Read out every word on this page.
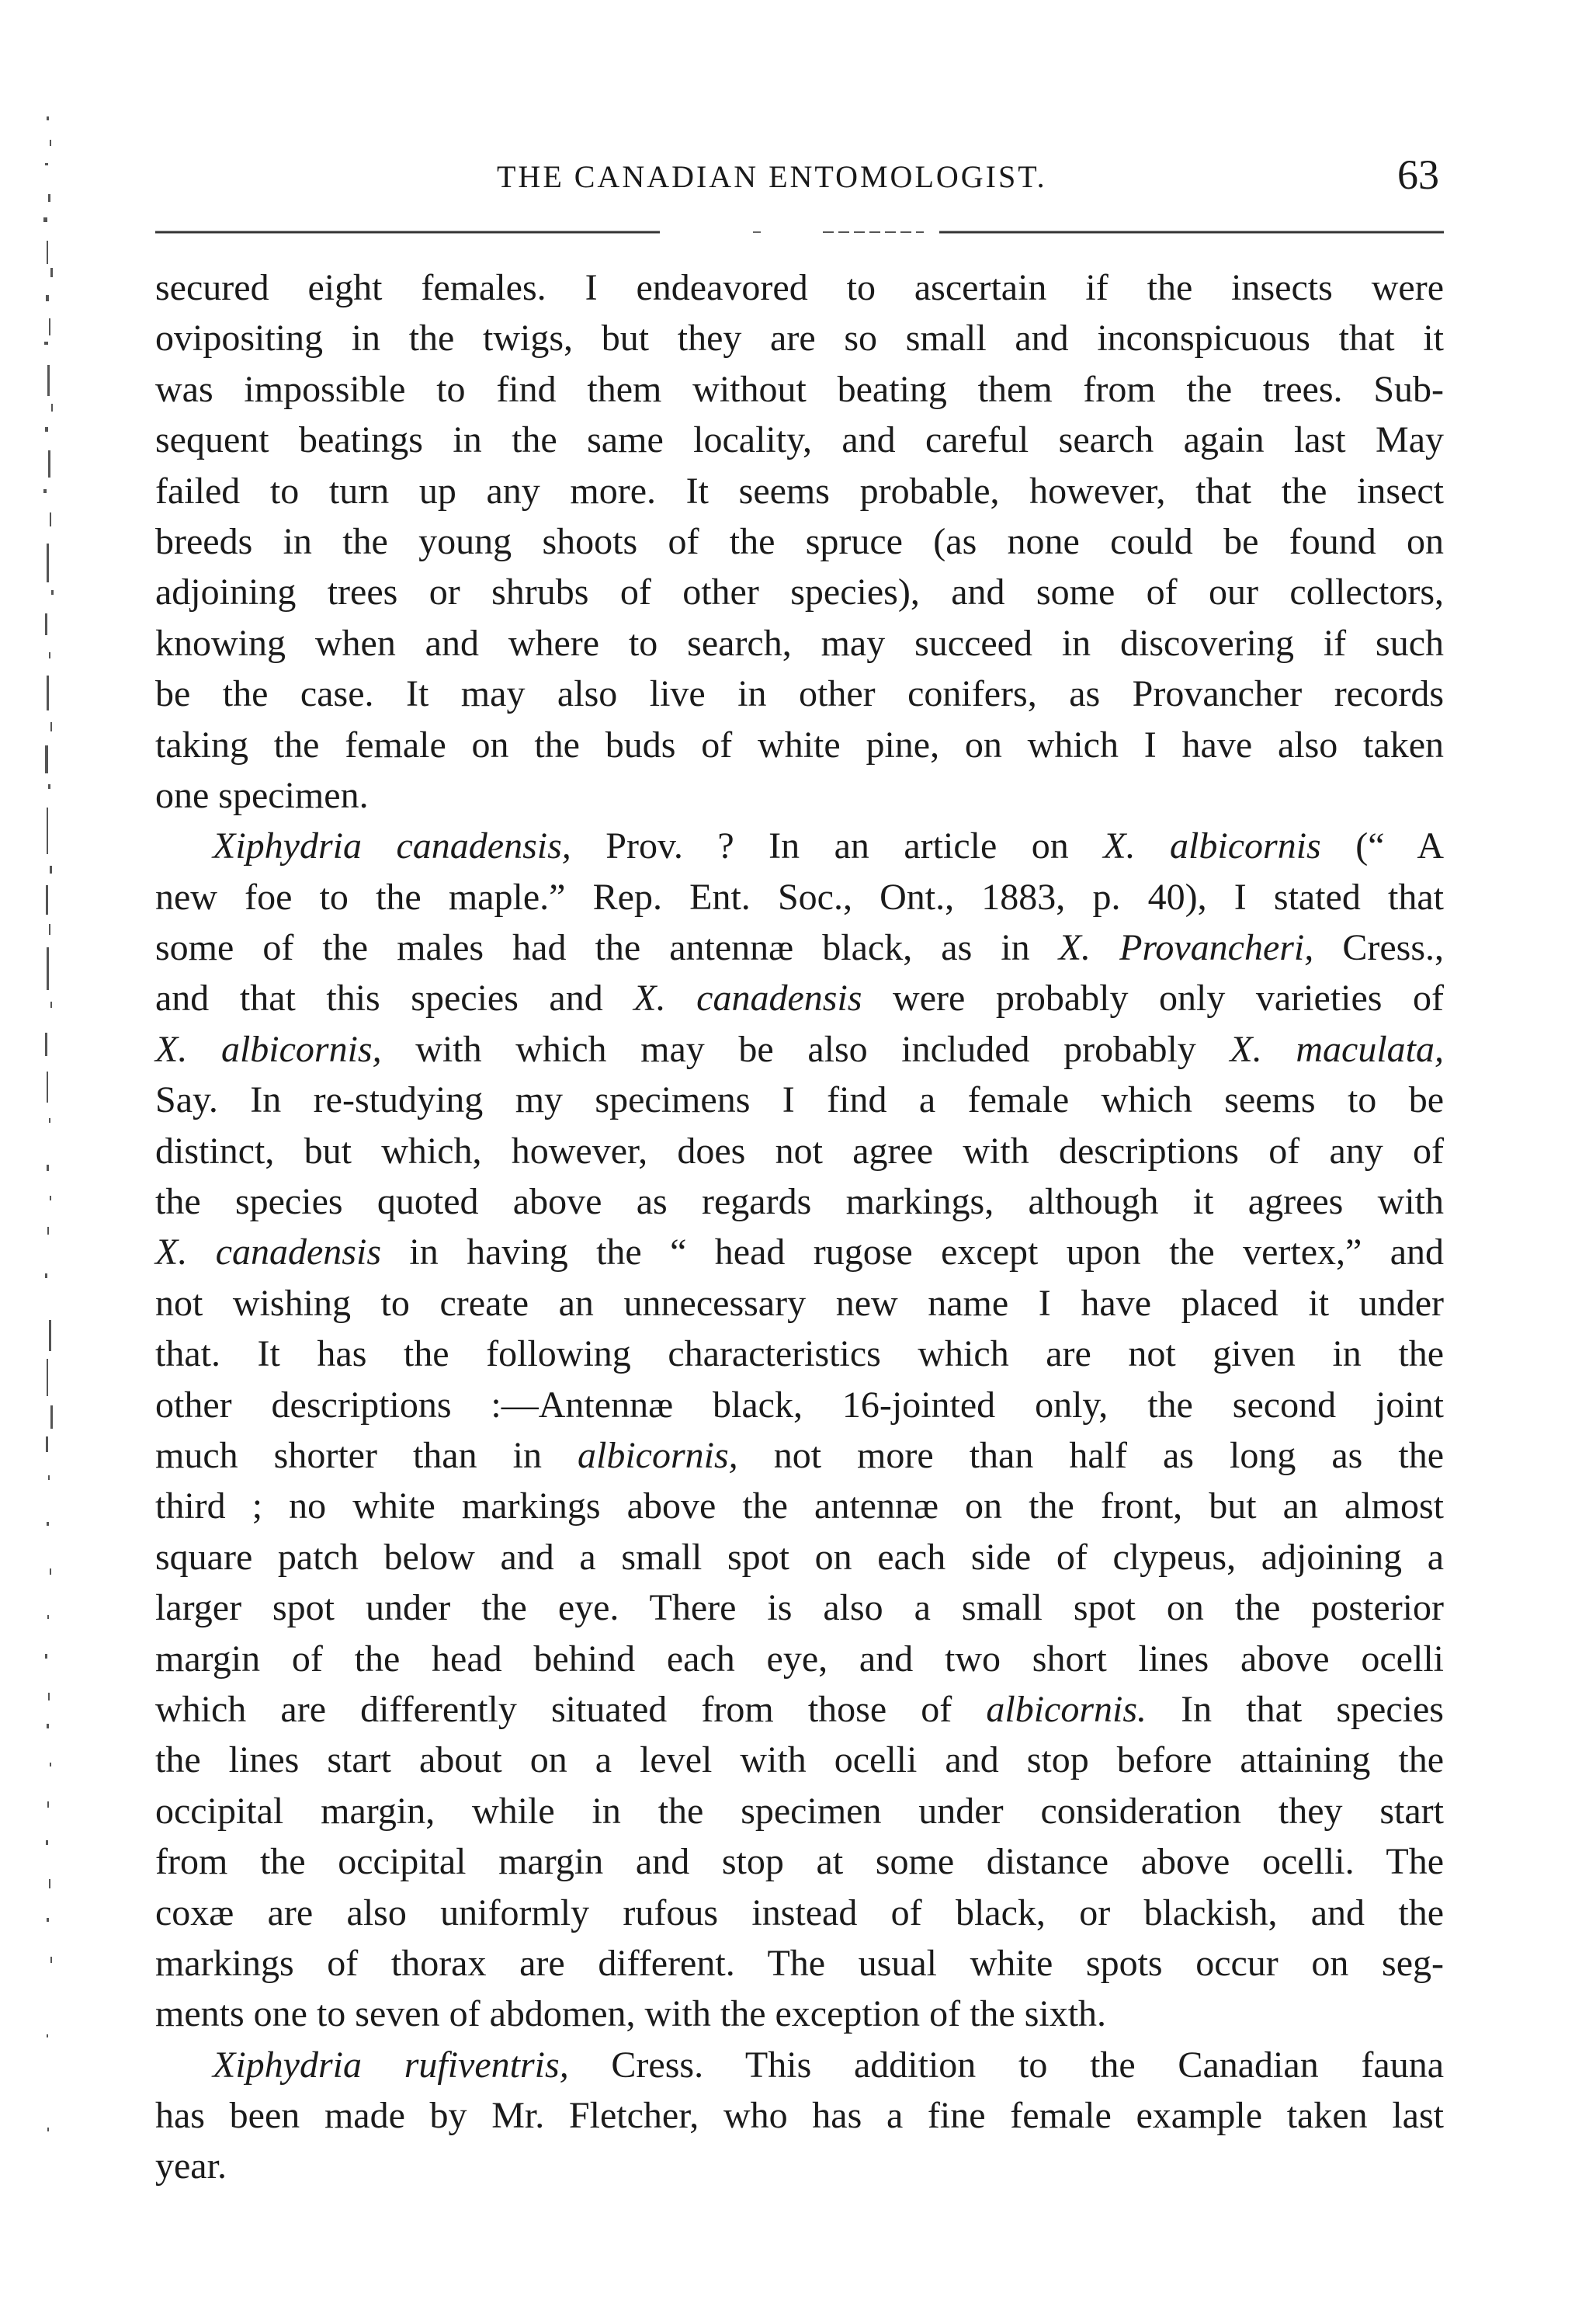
THE CANADIAN ENTOMOLOGIST.	63
secured eight females. I endeavored to ascertain if the insects were
ovipositing in the twigs, but they are so small and inconspicuous that it
was impossible to find them without beating them from the trees. Sub-
sequent beatings in the same locality, and careful search again last May
failed to turn up any more. It seems probable, however, that the insect
breeds in the young shoots of the spruce (as none could be found on
adjoining trees or shrubs of other species), and some of our collectors,
knowing when and where to search, may succeed in discovering if such
be the case. It may also live in other conifers, as Provancher records
taking the female on the buds of white pine, on which I have also taken
one specimen.
Xiphydria canadensis, Prov. ? In an article on X. albicornis (“ A
new foe to the maple.” Rep. Ent. Soc., Ont., 1883, p. 40), I stated that
some of the males had the antennæ black, as in X. Provancheri, Cress.,
and that this species and X. canadensis were probably only varieties of
X. albicornis, with which may be also included probably X. maculata,
Say. In re-studying my specimens I find a female which seems to be
distinct, but which, however, does not agree with descriptions of any of
the species quoted above as regards markings, although it agrees with
X. canadensis in having the “ head rugose except upon the vertex,” and
not wishing to create an unnecessary new name I have placed it under
that. It has the following characteristics which are not given in the
other descriptions :—Antennæ black, 16-jointed only, the second joint
much shorter than in albicornis, not more than half as long as the
third ; no white markings above the antennæ on the front, but an almost
square patch below and a small spot on each side of clypeus, adjoining a
larger spot under the eye. There is also a small spot on the posterior
margin of the head behind each eye, and two short lines above ocelli
which are differently situated from those of albicornis. In that species
the lines start about on a level with ocelli and stop before attaining the
occipital margin, while in the specimen under consideration they start
from the occipital margin and stop at some distance above ocelli. The
coxæ are also uniformly rufous instead of black, or blackish, and the
markings of thorax are different. The usual white spots occur on seg-
ments one to seven of abdomen, with the exception of the sixth.
Xiphydria rufiventris, Cress. This addition to the Canadian fauna
has been made by Mr. Fletcher, who has a fine female example taken last
year.
